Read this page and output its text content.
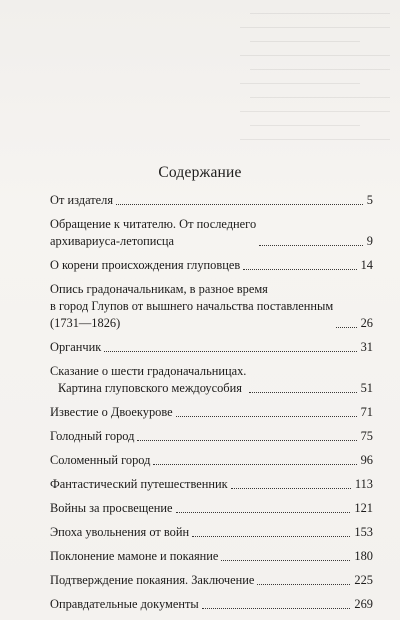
Содержание
От издателя	5
Обращение к читателю. От последнего
архивариуса-летописца	9
О корени происхождения глуповцев	14
Опись градоначальникам, в разное время
в город Глупов от вышнего начальства поставленным
(1731—1826)	26
Органчик	31
Сказание о шести градоначальницах.
Картина глуповского междоусобия	51
Известие о Двоекурове	71
Голодный город	75
Соломенный город	96
Фантастический путешественник	113
Войны за просвещение	121
Эпоха увольнения от войн	153
Поклонение мамоне и покаяние	180
Подтверждение покаяния. Заключение	225
Оправдательные документы	269
